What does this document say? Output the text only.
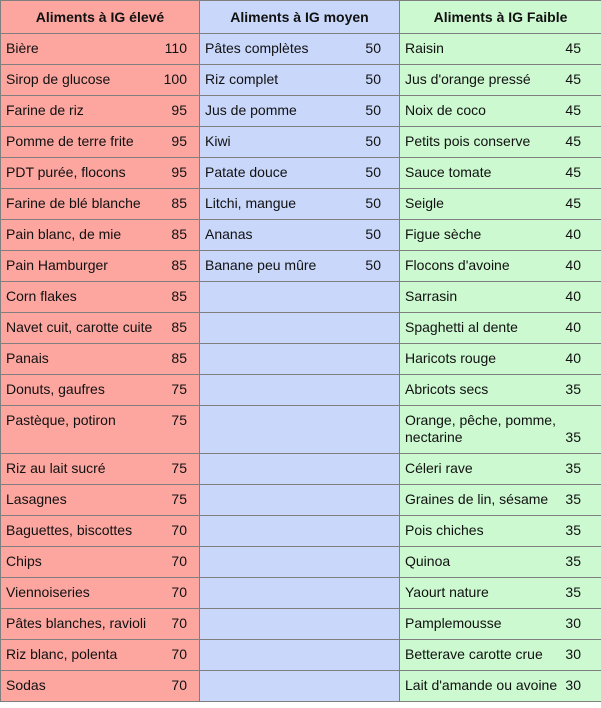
Aliments à IG élevé	Aliments à IG moyen	Aliments à IG Faible

Bière 110	Pâtes complètes 50	Raisin 45

Sirop de glucose 100	Riz complet 50	Jus d'orange pressé 45

Farine de riz 95	Jus de pomme 50	Noix de coco 45

Pomme de terre frite 95	Kiwi 50	Petits pois conserve 45

PDT purée, flocons 95	Patate douce 50	Sauce tomate 45

Farine de blé blanche 85	Litchi, mangue 50	Seigle 45

Pain blanc, de mie 85	Ananas 50	Figue sèche 40

Pain Hamburger 85	Banane peu mûre 50	Flocons d'avoine 40

Corn flakes 85		Sarrasin 40

Navet cuit, carotte cuite 85		Spaghetti al dente 40

Panais 85		Haricots rouge 40

Donuts, gaufres 75		Abricots secs 35

Pastèque, potiron 75		Orange, pêche, pomme, nectarine 35

Riz au lait sucré 75		Céleri rave 35

Lasagnes 75		Graines de lin, sésame 35

Baguettes, biscottes 70		Pois chiches 35

Chips 70		Quinoa 35

Viennoiseries 70		Yaourt nature 35

Pâtes blanches, ravioli 70		Pamplemousse 30

Riz blanc, polenta 70		Betterave carotte crue 30

Sodas 70		Lait d'amande ou avoine 30
